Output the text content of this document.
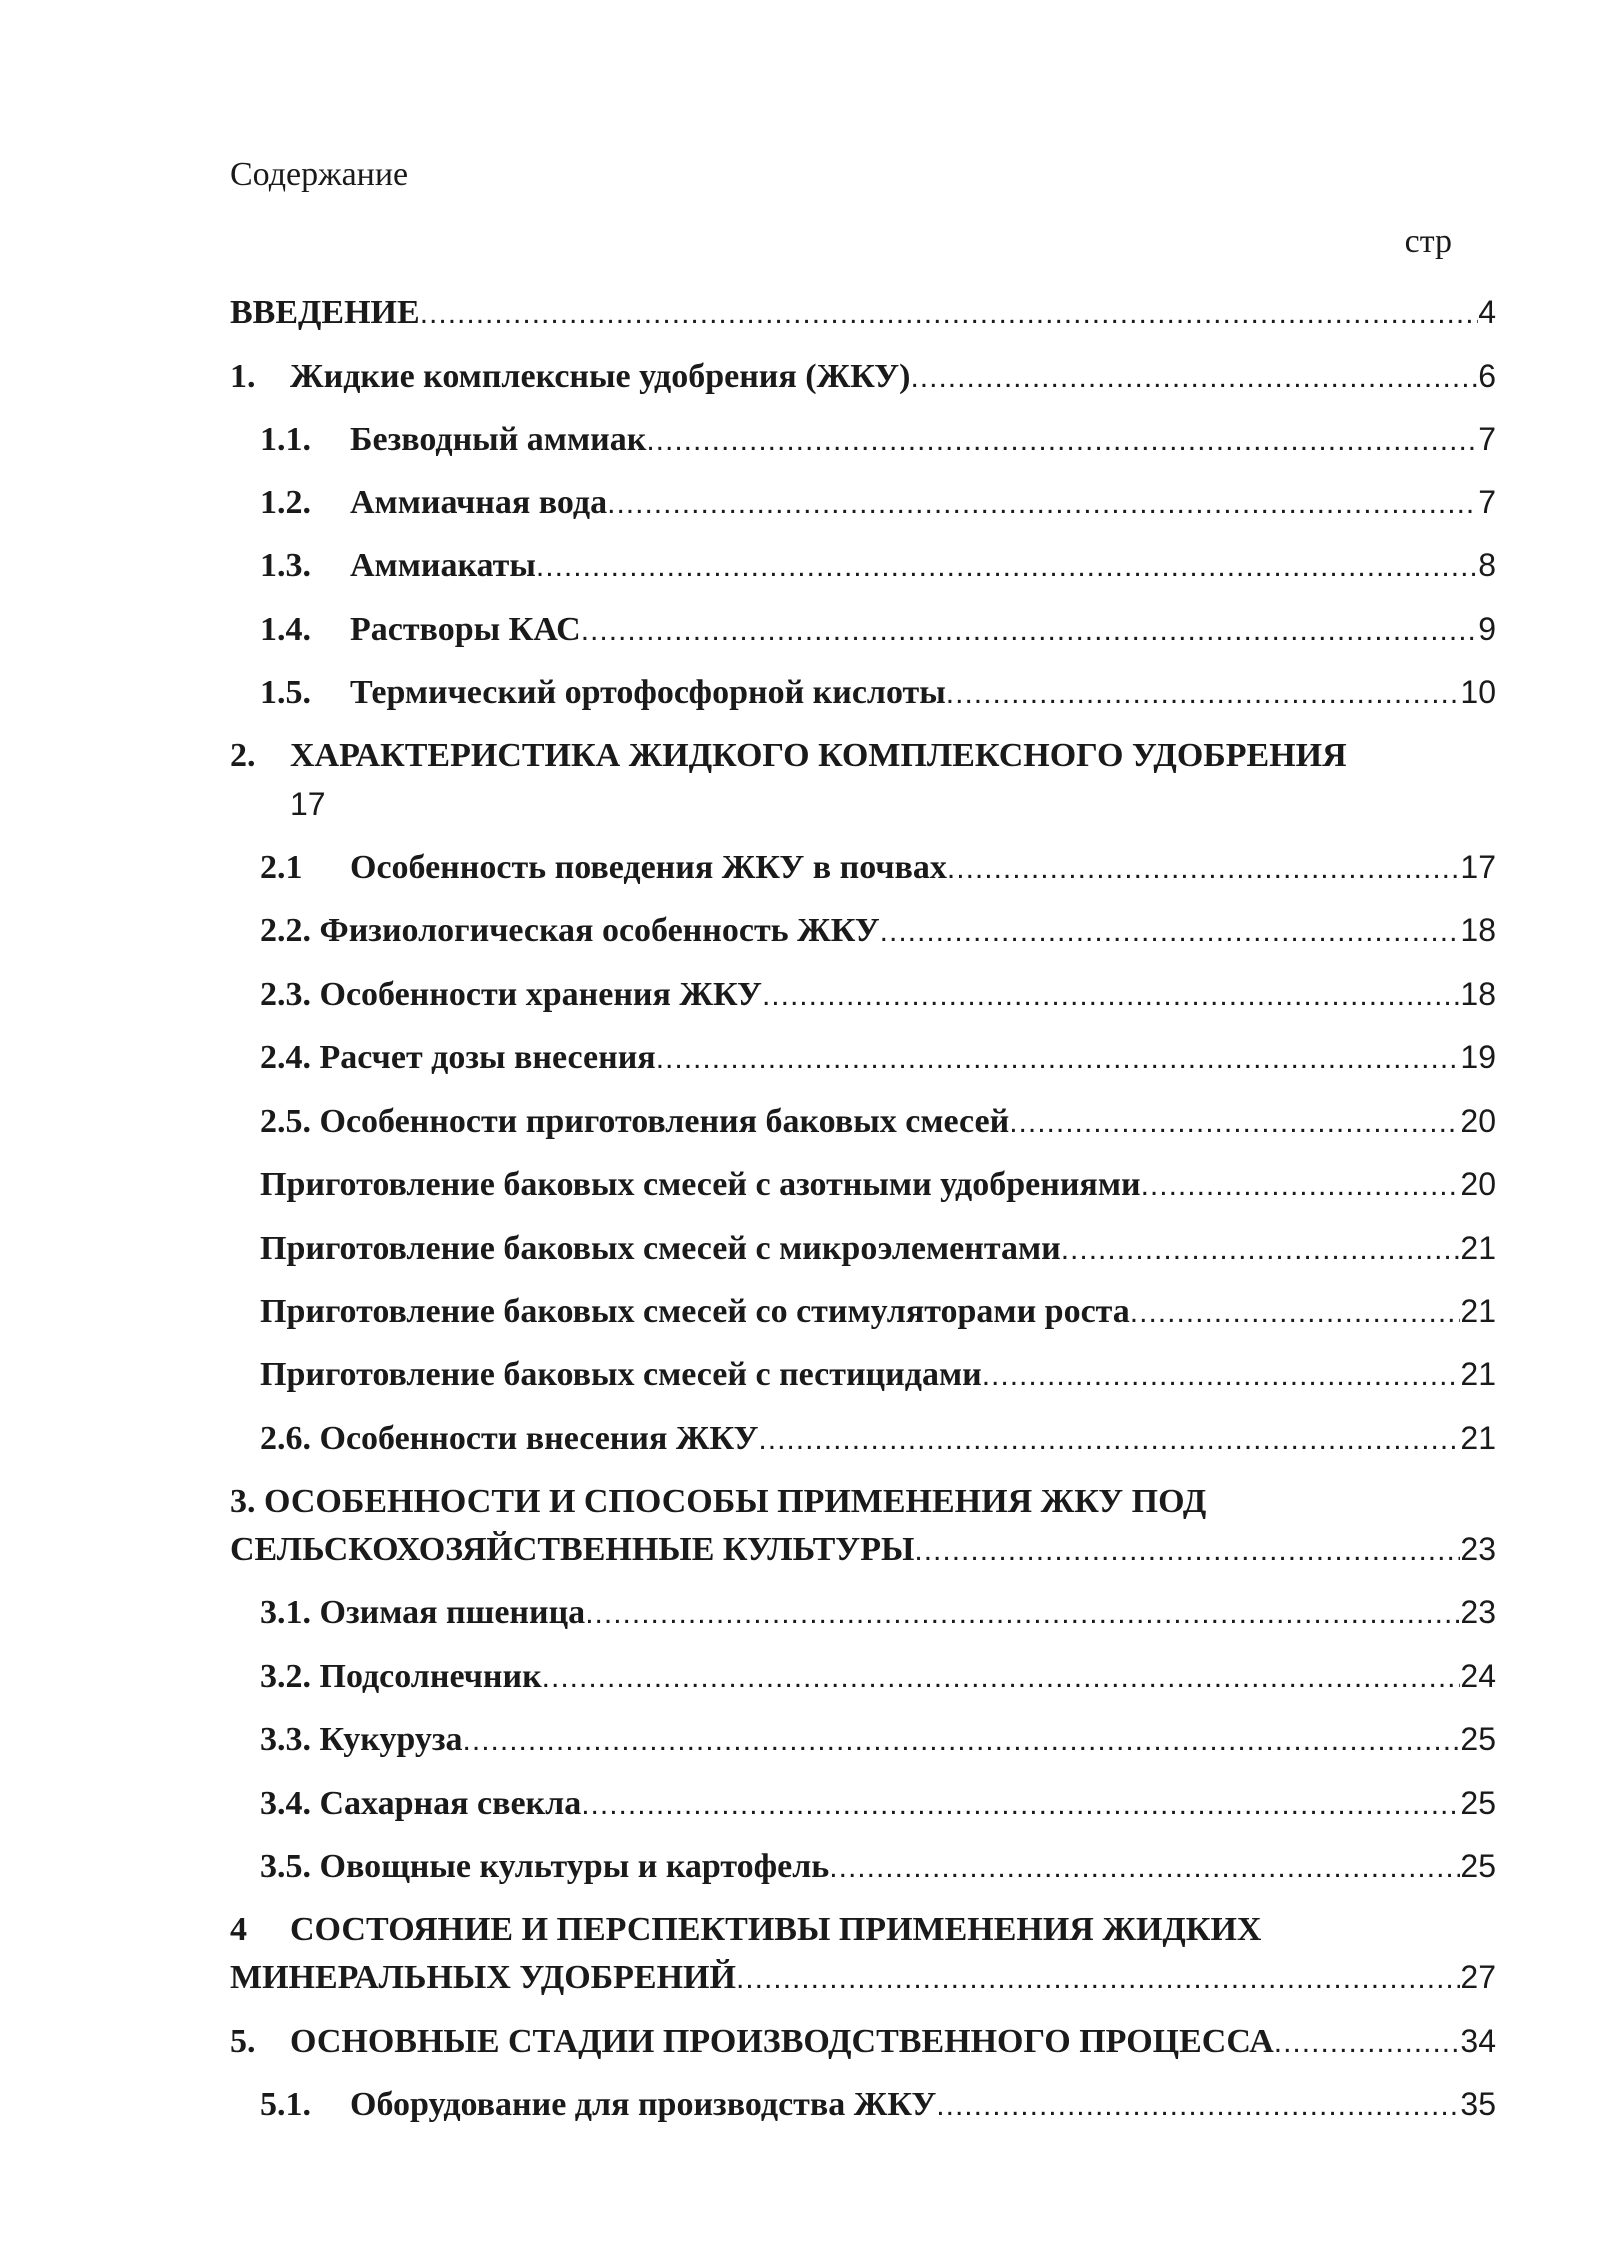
Содержание
стр
ВВЕДЕНИЕ .....	4
1.	Жидкие комплексные удобрения (ЖКУ) .....	6
1.1.	Безводный аммиак .....	7
1.2.	Аммиачная вода .....	7
1.3.	Аммиакаты .....	8
1.4.	Растворы КАС .....	9
1.5.	Термический ортофосфорной кислоты .....	10
2.	ХАРАКТЕРИСТИКА ЖИДКОГО КОМПЛЕКСНОГО УДОБРЕНИЯ
17
2.1	Особенность поведения ЖКУ в почвах .....	17
2.2. Физиологическая особенность ЖКУ .....	18
2.3. Особенности хранения ЖКУ .....	18
2.4. Расчет дозы внесения .....	19
2.5. Особенности приготовления баковых смесей .....	20
Приготовление баковых смесей с азотными удобрениями .....	20
Приготовление баковых смесей с микроэлементами .....	21
Приготовление баковых смесей со стимуляторами роста .....	21
Приготовление баковых смесей с пестицидами .....	21
2.6. Особенности внесения ЖКУ .....	21
3. ОСОБЕННОСТИ И СПОСОБЫ ПРИМЕНЕНИЯ ЖКУ ПОД
СЕЛЬСКОХОЗЯЙСТВЕННЫЕ КУЛЬТУРЫ .....	23
3.1. Озимая пшеница .....	23
3.2. Подсолнечник .....	24
3.3. Кукуруза .....	25
3.4. Сахарная свекла .....	25
3.5. Овощные культуры и картофель .....	25
4	СОСТОЯНИЕ И ПЕРСПЕКТИВЫ ПРИМЕНЕНИЯ ЖИДКИХ
МИНЕРАЛЬНЫХ УДОБРЕНИЙ .....	27
5.	ОСНОВНЫЕ СТАДИИ ПРОИЗВОДСТВЕННОГО ПРОЦЕССА .....	34
5.1.	Оборудование для производства ЖКУ .....	35
